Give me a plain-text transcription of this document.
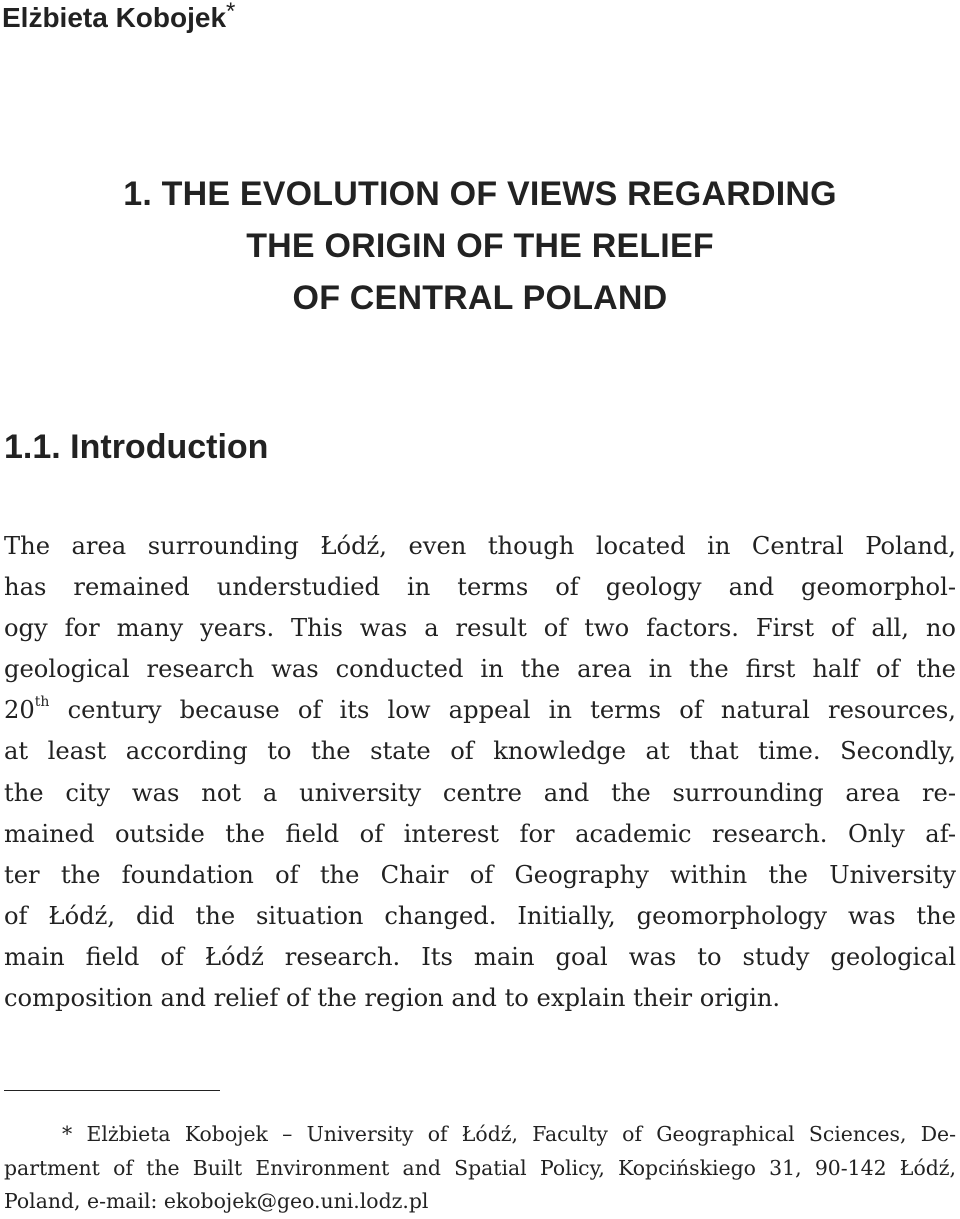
Elżbieta Kobojek*
1. THE EVOLUTION OF VIEWS REGARDING
THE ORIGIN OF THE RELIEF
OF CENTRAL POLAND
1.1. Introduction
The area surrounding Łódź, even though located in Central Poland,
has remained understudied in terms of geology and geomorphol-
ogy for many years. This was a result of two factors. First of all, no
geological research was conducted in the area in the first half of the
20th century because of its low appeal in terms of natural resources,
at least according to the state of knowledge at that time. Secondly,
the city was not a university centre and the surrounding area re-
mained outside the field of interest for academic research. Only af-
ter the foundation of the Chair of Geography within the University
of Łódź, did the situation changed. Initially, geomorphology was the
main field of Łódź research. Its main goal was to study geological
composition and relief of the region and to explain their origin.
* Elżbieta Kobojek – University of Łódź, Faculty of Geographical Sciences, De-
partment of the Built Environment and Spatial Policy, Kopcińskiego 31, 90-142 Łódź,
Poland, e-mail: ekobojek@geo.uni.lodz.pl
